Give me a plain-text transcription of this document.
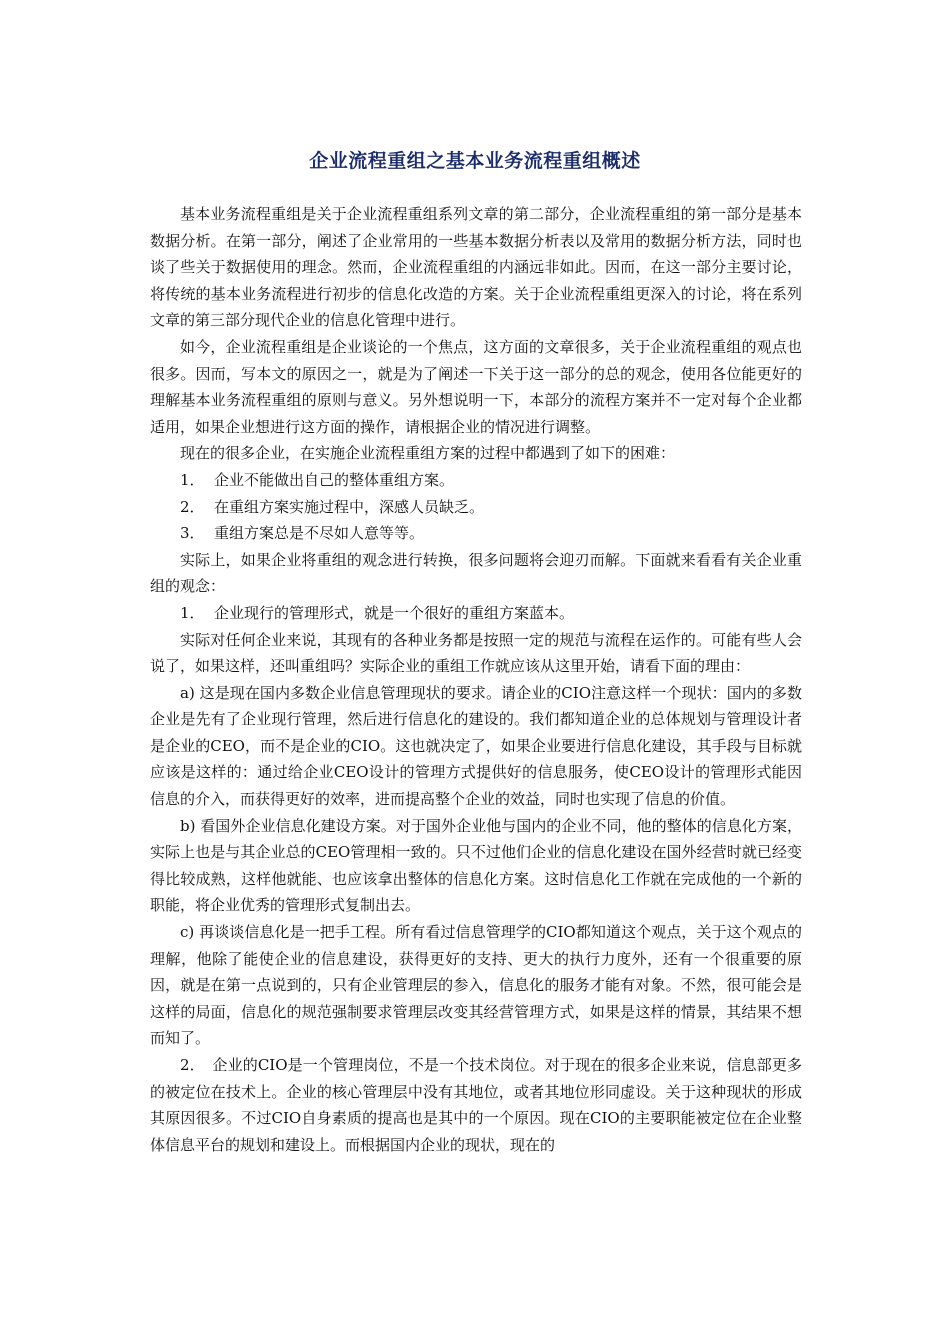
企业流程重组之基本业务流程重组概述

基本业务流程重组是关于企业流程重组系列文章的第二部分，企业流程重组的第一部分是基本数据分析。在第一部分，阐述了企业常用的一些基本数据分析表以及常用的数据分析方法，同时也谈了些关于数据使用的理念。然而，企业流程重组的内涵远非如此。因而，在这一部分主要讨论，将传统的基本业务流程进行初步的信息化改造的方案。关于企业流程重组更深入的讨论，将在系列文章的第三部分现代企业的信息化管理中进行。

如今，企业流程重组是企业谈论的一个焦点，这方面的文章很多，关于企业流程重组的观点也很多。因而，写本文的原因之一，就是为了阐述一下关于这一部分的总的观念，使用各位能更好的理解基本业务流程重组的原则与意义。另外想说明一下，本部分的流程方案并不一定对每个企业都适用，如果企业想进行这方面的操作，请根据企业的情况进行调整。

现在的很多企业，在实施企业流程重组方案的过程中都遇到了如下的困难：

1． 企业不能做出自己的整体重组方案。

2． 在重组方案实施过程中，深感人员缺乏。

3． 重组方案总是不尽如人意等等。

实际上，如果企业将重组的观念进行转换，很多问题将会迎刃而解。下面就来看看有关企业重组的观念：

1． 企业现行的管理形式，就是一个很好的重组方案蓝本。

实际对任何企业来说，其现有的各种业务都是按照一定的规范与流程在运作的。可能有些人会说了，如果这样，还叫重组吗？实际企业的重组工作就应该从这里开始，请看下面的理由：

a) 这是现在国内多数企业信息管理现状的要求。请企业的CIO注意这样一个现状：国内的多数企业是先有了企业现行管理，然后进行信息化的建设的。我们都知道企业的总体规划与管理设计者是企业的CEO，而不是企业的CIO。这也就决定了，如果企业要进行信息化建设，其手段与目标就应该是这样的：通过给企业CEO设计的管理方式提供好的信息服务，使CEO设计的管理形式能因信息的介入，而获得更好的效率，进而提高整个企业的效益，同时也实现了信息的价值。

b) 看国外企业信息化建设方案。对于国外企业他与国内的企业不同，他的整体的信息化方案，实际上也是与其企业总的CEO管理相一致的。只不过他们企业的信息化建设在国外经营时就已经变得比较成熟，这样他就能、也应该拿出整体的信息化方案。这时信息化工作就在完成他的一个新的职能，将企业优秀的管理形式复制出去。

c) 再谈谈信息化是一把手工程。所有看过信息管理学的CIO都知道这个观点，关于这个观点的理解，他除了能使企业的信息建设，获得更好的支持、更大的执行力度外，还有一个很重要的原因，就是在第一点说到的，只有企业管理层的参入，信息化的服务才能有对象。不然，很可能会是这样的局面，信息化的规范强制要求管理层改变其经营管理方式，如果是这样的情景，其结果不想而知了。

2．　企业的CIO是一个管理岗位，不是一个技术岗位。对于现在的很多企业来说，信息部更多的被定位在技术上。企业的核心管理层中没有其地位，或者其地位形同虚设。关于这种现状的形成其原因很多。不过CIO自身素质的提高也是其中的一个原因。现在CIO的主要职能被定位在企业整体信息平台的规划和建设上。而根据国内企业的现状，现在的
